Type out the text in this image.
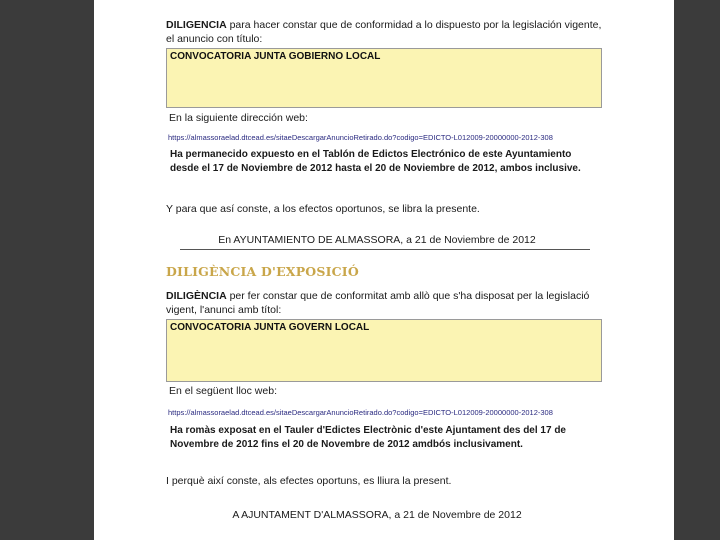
DILIGENCIA para hacer constar que de conformidad a lo dispuesto por la legislación vigente, el anuncio con título:

CONVOCATORIA JUNTA GOBIERNO LOCAL

En la siguiente dirección web:

https://almassoraelad.dtcead.es/sitaeDescargarAnuncioRetirado.do?codigo=EDICTO-L012009-20000000-2012-308

Ha permanecido expuesto en el Tablón de Edictos Electrónico de este Ayuntamiento desde el 17 de Noviembre de 2012 hasta el 20 de Noviembre de 2012, ambos inclusive.

Y para que así conste, a los efectos oportunos, se libra la presente.

En AYUNTAMIENTO DE ALMASSORA, a 21 de Noviembre de 2012

DILIGÈNCIA D'EXPOSICIÓ

DILIGÈNCIA per fer constar que de conformitat amb allò que s'ha disposat per la legislació vigent, l'anunci amb títol:

CONVOCATORIA JUNTA GOVERN LOCAL

En el següent lloc web:

https://almassoraelad.dtcead.es/sitaeDescargarAnuncioRetirado.do?codigo=EDICTO-L012009-20000000-2012-308

Ha romàs exposat en el Tauler d'Edictes Electrònic d'este Ajuntament des del 17 de Novembre de 2012 fins el 20 de Novembre de 2012 amdbós inclusivament.

I perquè així conste, als efectes oportuns, es lliura la present.

A AJUNTAMENT D'ALMASSORA, a 21 de Novembre de 2012
